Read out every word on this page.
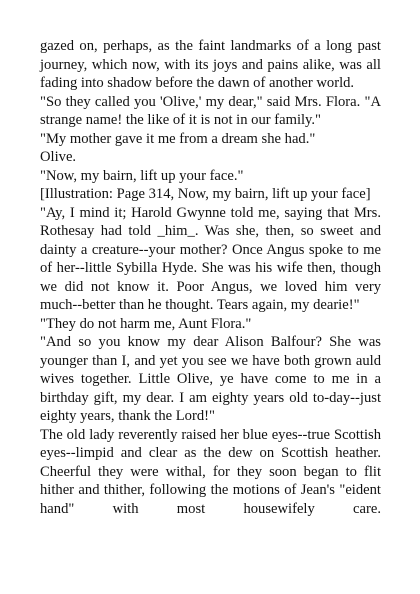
gazed on, perhaps, as the faint landmarks of a long past journey, which now, with its joys and pains alike, was all fading into shadow before the dawn of another world.

"So they called you 'Olive,' my dear," said Mrs. Flora. "A strange name! the like of it is not in our family."

"My mother gave it me from a dream she had."

Olive.

"Now, my bairn, lift up your face."

[Illustration: Page 314, Now, my bairn, lift up your face]

"Ay, I mind it; Harold Gwynne told me, saying that Mrs. Rothesay had told _him_. Was she, then, so sweet and dainty a creature--your mother? Once Angus spoke to me of her--little Sybilla Hyde. She was his wife then, though we did not know it. Poor Angus, we loved him very much--better than he thought. Tears again, my dearie!"

"They do not harm me, Aunt Flora."

"And so you know my dear Alison Balfour? She was younger than I, and yet you see we have both grown auld wives together. Little Olive, ye have come to me in a birthday gift, my dear. I am eighty years old to-day--just eighty years, thank the Lord!"

The old lady reverently raised her blue eyes--true Scottish eyes--limpid and clear as the dew on Scottish heather. Cheerful they were withal, for they soon began to flit hither and thither, following the motions of Jean's "eident hand" with most housewifely care.
